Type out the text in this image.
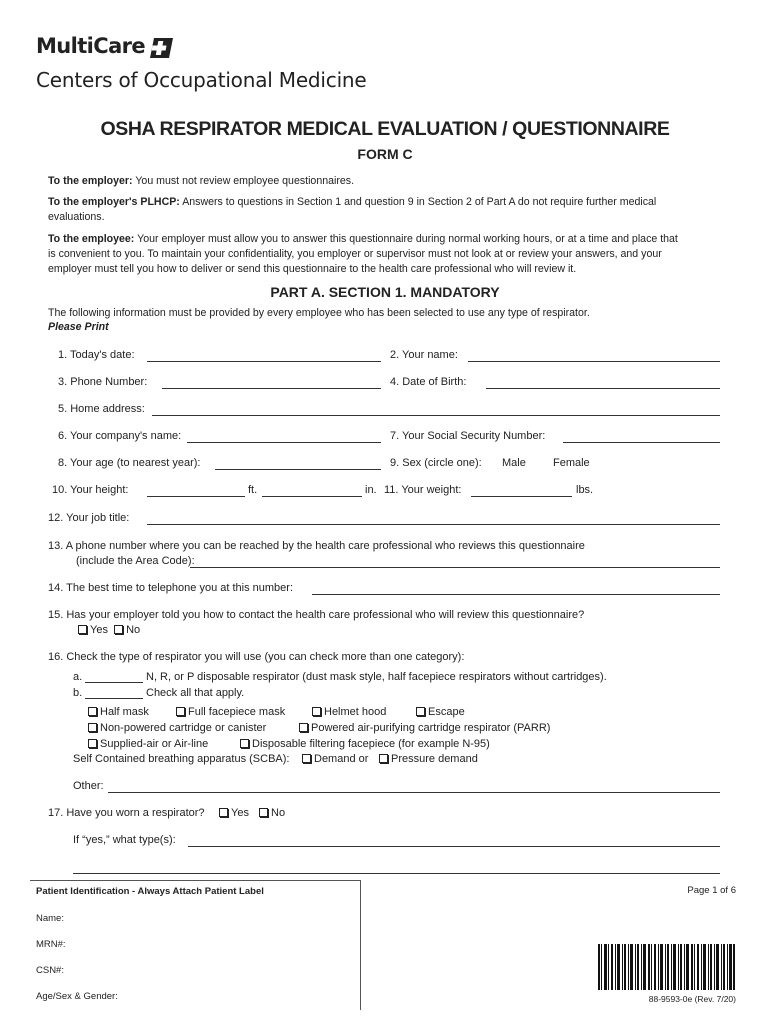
MultiCare
Centers of Occupational Medicine
OSHA RESPIRATOR MEDICAL EVALUATION / QUESTIONNAIRE
FORM C
To the employer: You must not review employee questionnaires.
To the employer's PLHCP: Answers to questions in Section 1 and question 9 in Section 2 of Part A do not require further medical
evaluations.
To the employee: Your employer must allow you to answer this questionnaire during normal working hours, or at a time and place that
is convenient to you. To maintain your confidentiality, you employer or supervisor must not look at or review your answers, and your
employer must tell you how to deliver or send this questionnaire to the health care professional who will review it.
PART A. SECTION 1. MANDATORY
The following information must be provided by every employee who has been selected to use any type of respirator.
Please Print
1. Today's date:	2. Your name:
3. Phone Number:	4. Date of Birth:
5. Home address:
6. Your company's name:	7. Your Social Security Number:
8. Your age (to nearest year):	9. Sex (circle one): Male Female
10. Your height:	ft.	in. 11. Your weight:	lbs.
12. Your job title:
13. A phone number where you can be reached by the health care professional who reviews this questionnaire
(include the Area Code):
14. The best time to telephone you at this number:
15. Has your employer told you how to contact the health care professional who will review this questionnaire?
Yes No
16. Check the type of respirator you will use (you can check more than one category):
a.	N, R, or P disposable respirator (dust mask style, half facepiece respirators without cartridges).
b.	Check all that apply.
Half mask	Full facepiece mask	Helmet hood	Escape
Non-powered cartridge or canister	Powered air-purifying cartridge respirator (PARR)
Supplied-air or Air-line	Disposable filtering facepiece (for example N-95)
Self Contained breathing apparatus (SCBA):	Demand or	Pressure demand
Other:
17. Have you worn a respirator?	Yes	No
If “yes,” what type(s):
Patient Identification - Always Attach Patient Label
Name:
MRN#:
CSN#:
Age/Sex & Gender:
Page 1 of 6
88-9593-0e (Rev. 7/20)
